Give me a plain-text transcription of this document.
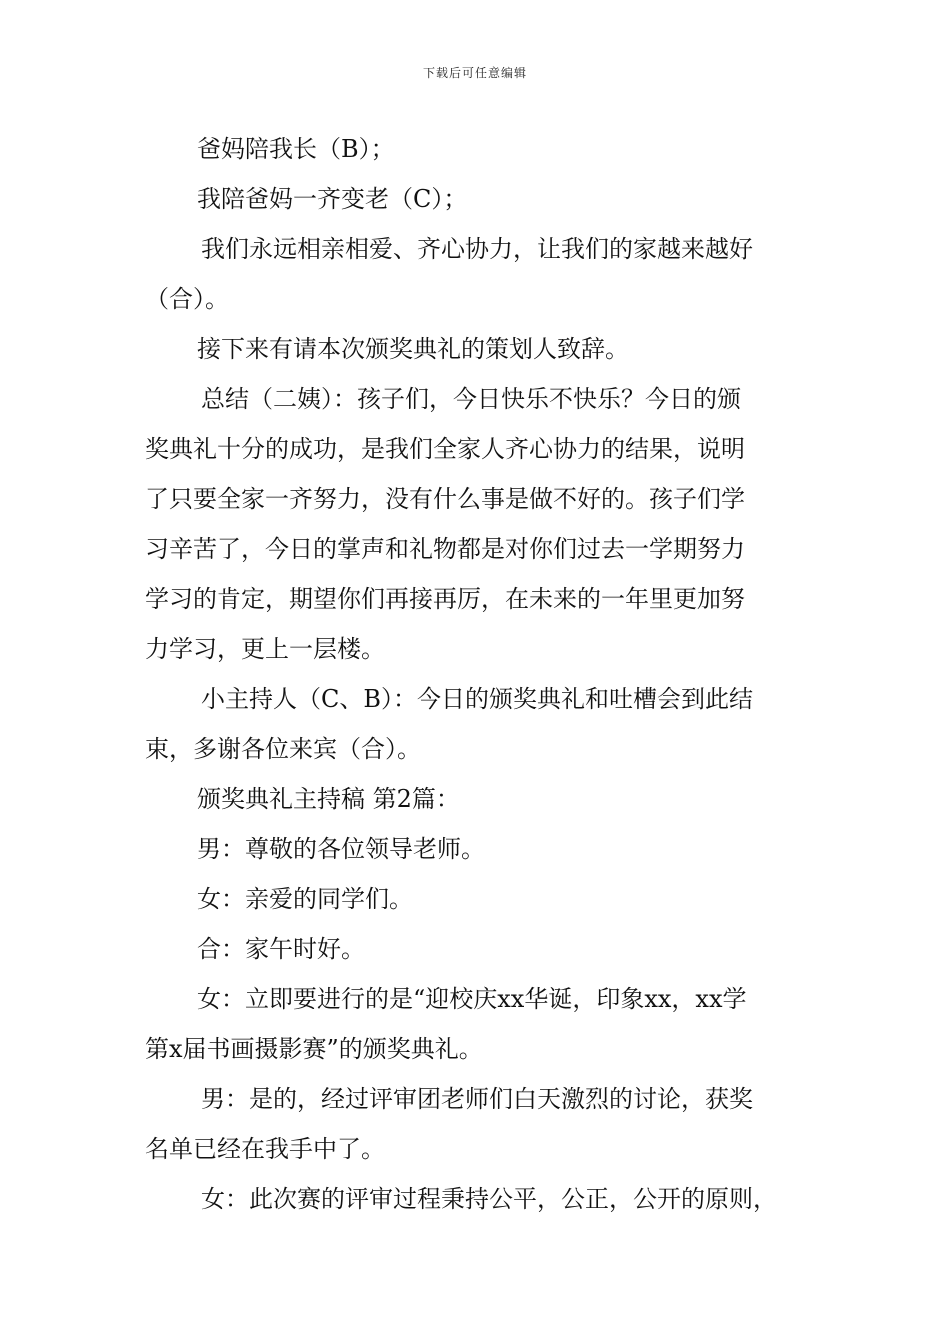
下载后可任意编辑

爸妈陪我长（B）；

我陪爸妈一齐变老（C）；

我们永远相亲相爱、齐心协力，让我们的家越来越好

（合）。

接下来有请本次颁奖典礼的策划人致辞。

总结（二姨）：孩子们，今日快乐不快乐？今日的颁

奖典礼十分的成功，是我们全家人齐心协力的结果，说明

了只要全家一齐努力，没有什么事是做不好的。孩子们学

习辛苦了，今日的掌声和礼物都是对你们过去一学期努力

学习的肯定，期望你们再接再厉，在未来的一年里更加努

力学习，更上一层楼。

小主持人（C、B）：今日的颁奖典礼和吐槽会到此结

束，多谢各位来宾（合）。

颁奖典礼主持稿 第2篇：

男：尊敬的各位领导老师。

女：亲爱的同学们。

合：家午时好。

女：立即要进行的是“迎校庆xx华诞，印象xx，xx学

第x届书画摄影赛”的颁奖典礼。

男：是的，经过评审团老师们白天激烈的讨论，获奖

名单已经在我手中了。

女：此次赛的评审过程秉持公平，公正，公开的原则，
